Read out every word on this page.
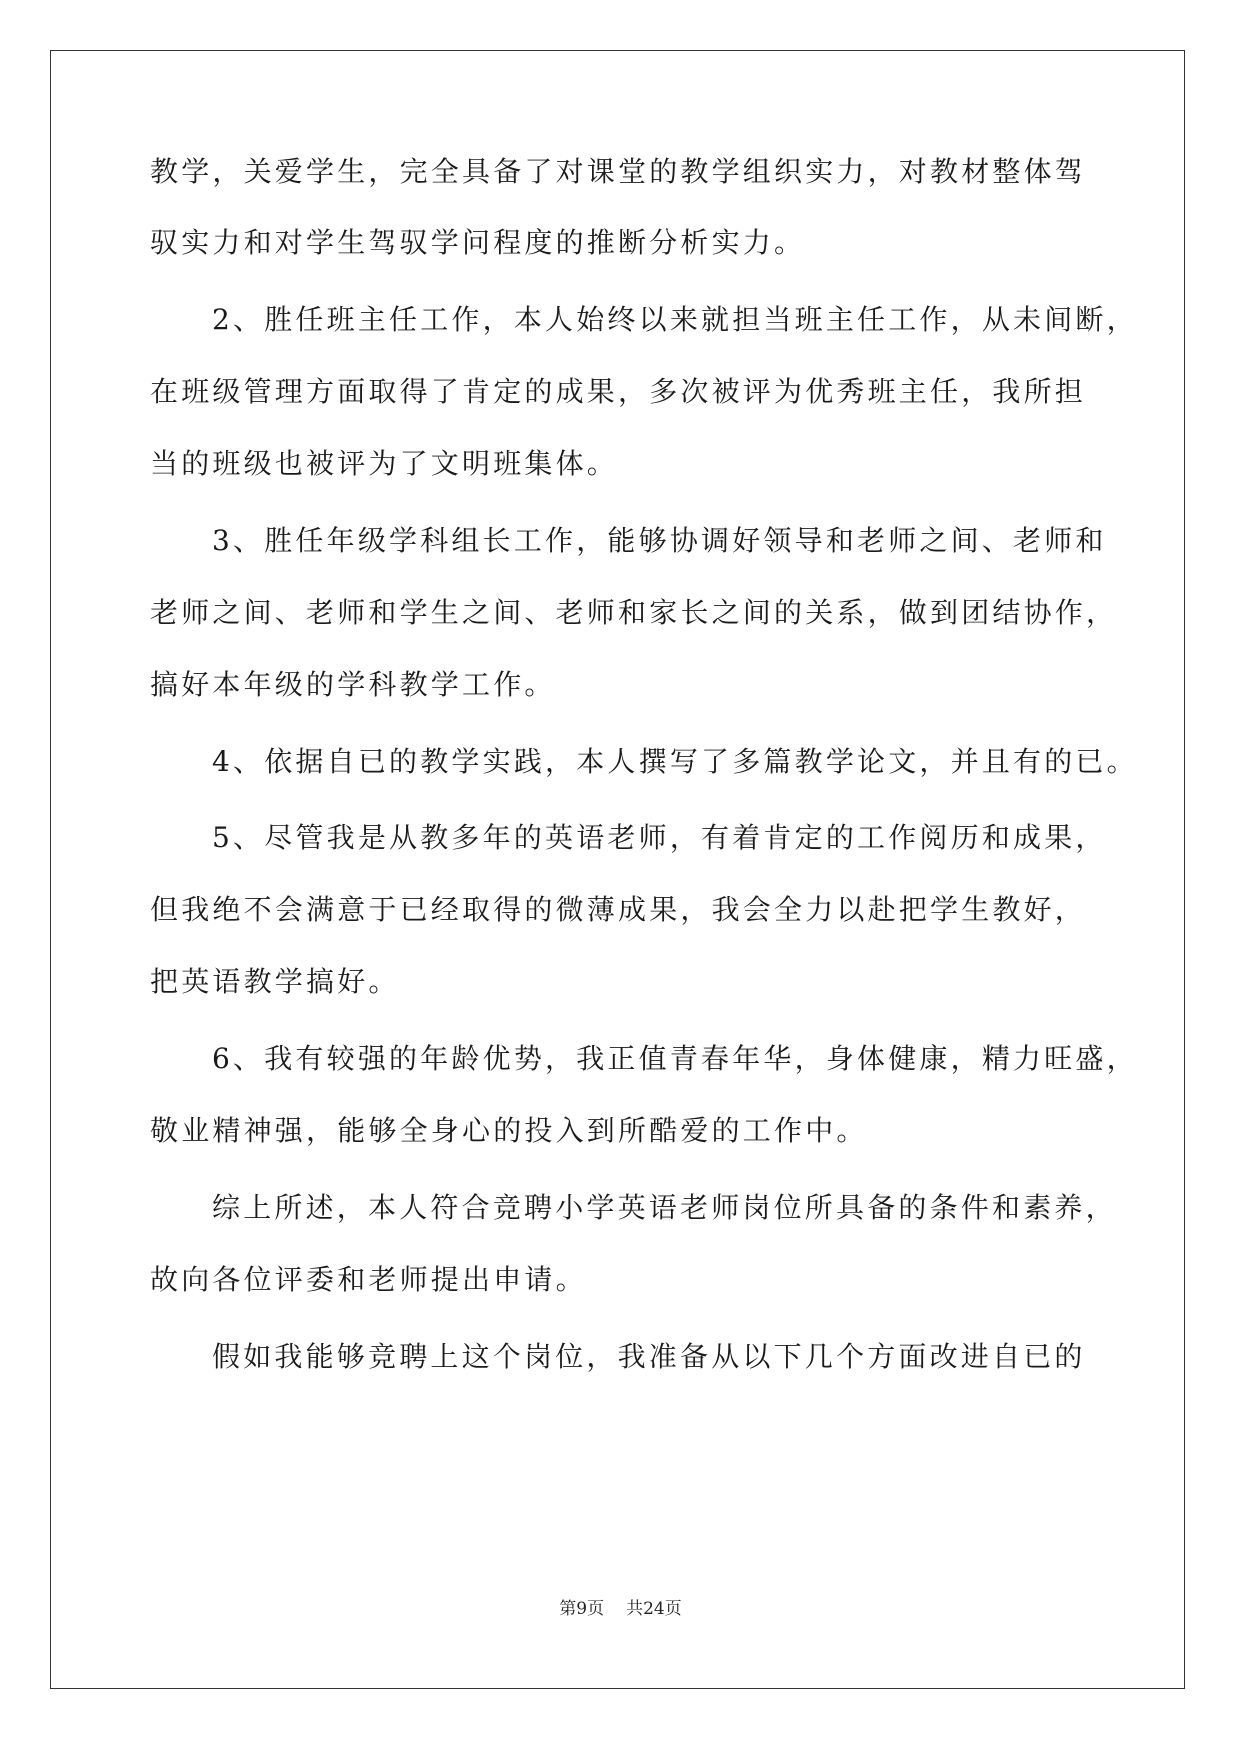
教学，关爱学生，完全具备了对课堂的教学组织实力，对教材整体驾
驭实力和对学生驾驭学问程度的推断分析实力。
2、胜任班主任工作，本人始终以来就担当班主任工作，从未间断，
在班级管理方面取得了肯定的成果，多次被评为优秀班主任，我所担
当的班级也被评为了文明班集体。
3、胜任年级学科组长工作，能够协调好领导和老师之间、老师和
老师之间、老师和学生之间、老师和家长之间的关系，做到团结协作，
搞好本年级的学科教学工作。
4、依据自已的教学实践，本人撰写了多篇教学论文，并且有的已。
5、尽管我是从教多年的英语老师，有着肯定的工作阅历和成果，
但我绝不会满意于已经取得的微薄成果，我会全力以赴把学生教好，
把英语教学搞好。
6、我有较强的年龄优势，我正值青春年华，身体健康，精力旺盛，
敬业精神强，能够全身心的投入到所酷爱的工作中。
综上所述，本人符合竞聘小学英语老师岗位所具备的条件和素养，
故向各位评委和老师提出申请。
假如我能够竞聘上这个岗位，我准备从以下几个方面改进自已的
第9页 共24页
